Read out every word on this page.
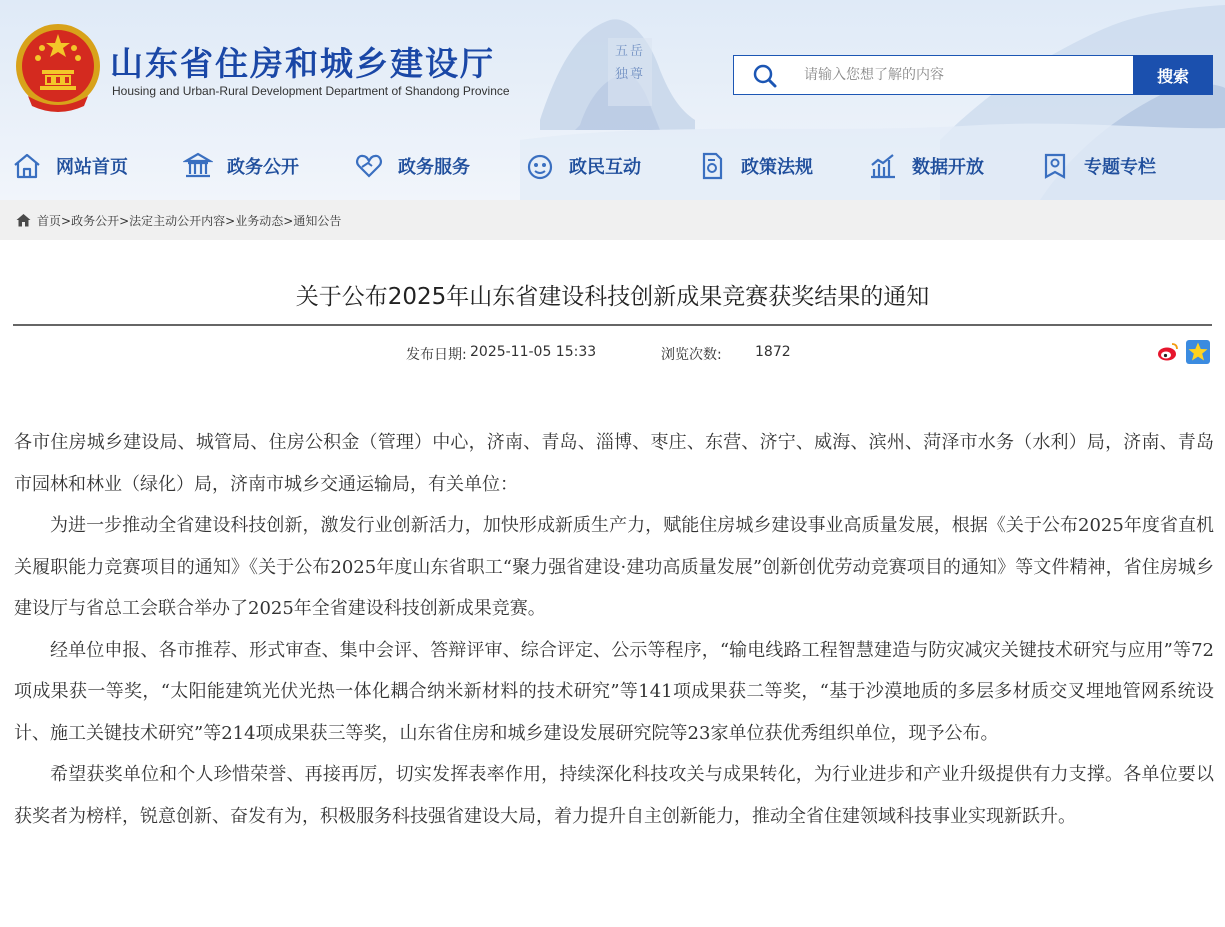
五 岳
独 尊
山东省住房和城乡建设厅
Housing and Urban-Rural Development Department of Shandong Province
请输入您想了解的内容
搜索
网站首页	政务公开	政务服务	政民互动	政策法规	数据开放	专题专栏
首页>政务公开>法定主动公开内容>业务动态>通知公告
关于公布2025年山东省建设科技创新成果竞赛获奖结果的通知
发布日期: 2025-11-05 15:33	浏览次数: 1872

各市住房城乡建设局、城管局、住房公积金（管理）中心，济南、青岛、淄博、枣庄、东营、济宁、威海、滨州、菏泽市水务（水利）局，济南、青岛市园林和林业（绿化）局，济南市城乡交通运输局，有关单位：

为进一步推动全省建设科技创新，激发行业创新活力，加快形成新质生产力，赋能住房城乡建设事业高质量发展，根据《关于公布2025年度省直机关履职能力竞赛项目的通知》《关于公布2025年度山东省职工“聚力强省建设·建功高质量发展”创新创优劳动竞赛项目的通知》等文件精神，省住房城乡建设厅与省总工会联合举办了2025年全省建设科技创新成果竞赛。

经单位申报、各市推荐、形式审查、集中会评、答辩评审、综合评定、公示等程序，“输电线路工程智慧建造与防灾减灾关键技术研究与应用”等72项成果获一等奖，“太阳能建筑光伏光热一体化耦合纳米新材料的技术研究”等141项成果获二等奖，“基于沙漠地质的多层多材质交叉埋地管网系统设计、施工关键技术研究”等214项成果获三等奖，山东省住房和城乡建设发展研究院等23家单位获优秀组织单位，现予公布。

希望获奖单位和个人珍惜荣誉、再接再厉，切实发挥表率作用，持续深化科技攻关与成果转化，为行业进步和产业升级提供有力支撑。各单位要以获奖者为榜样，锐意创新、奋发有为，积极服务科技强省建设大局，着力提升自主创新能力，推动全省住建领域科技事业实现新跃升。
